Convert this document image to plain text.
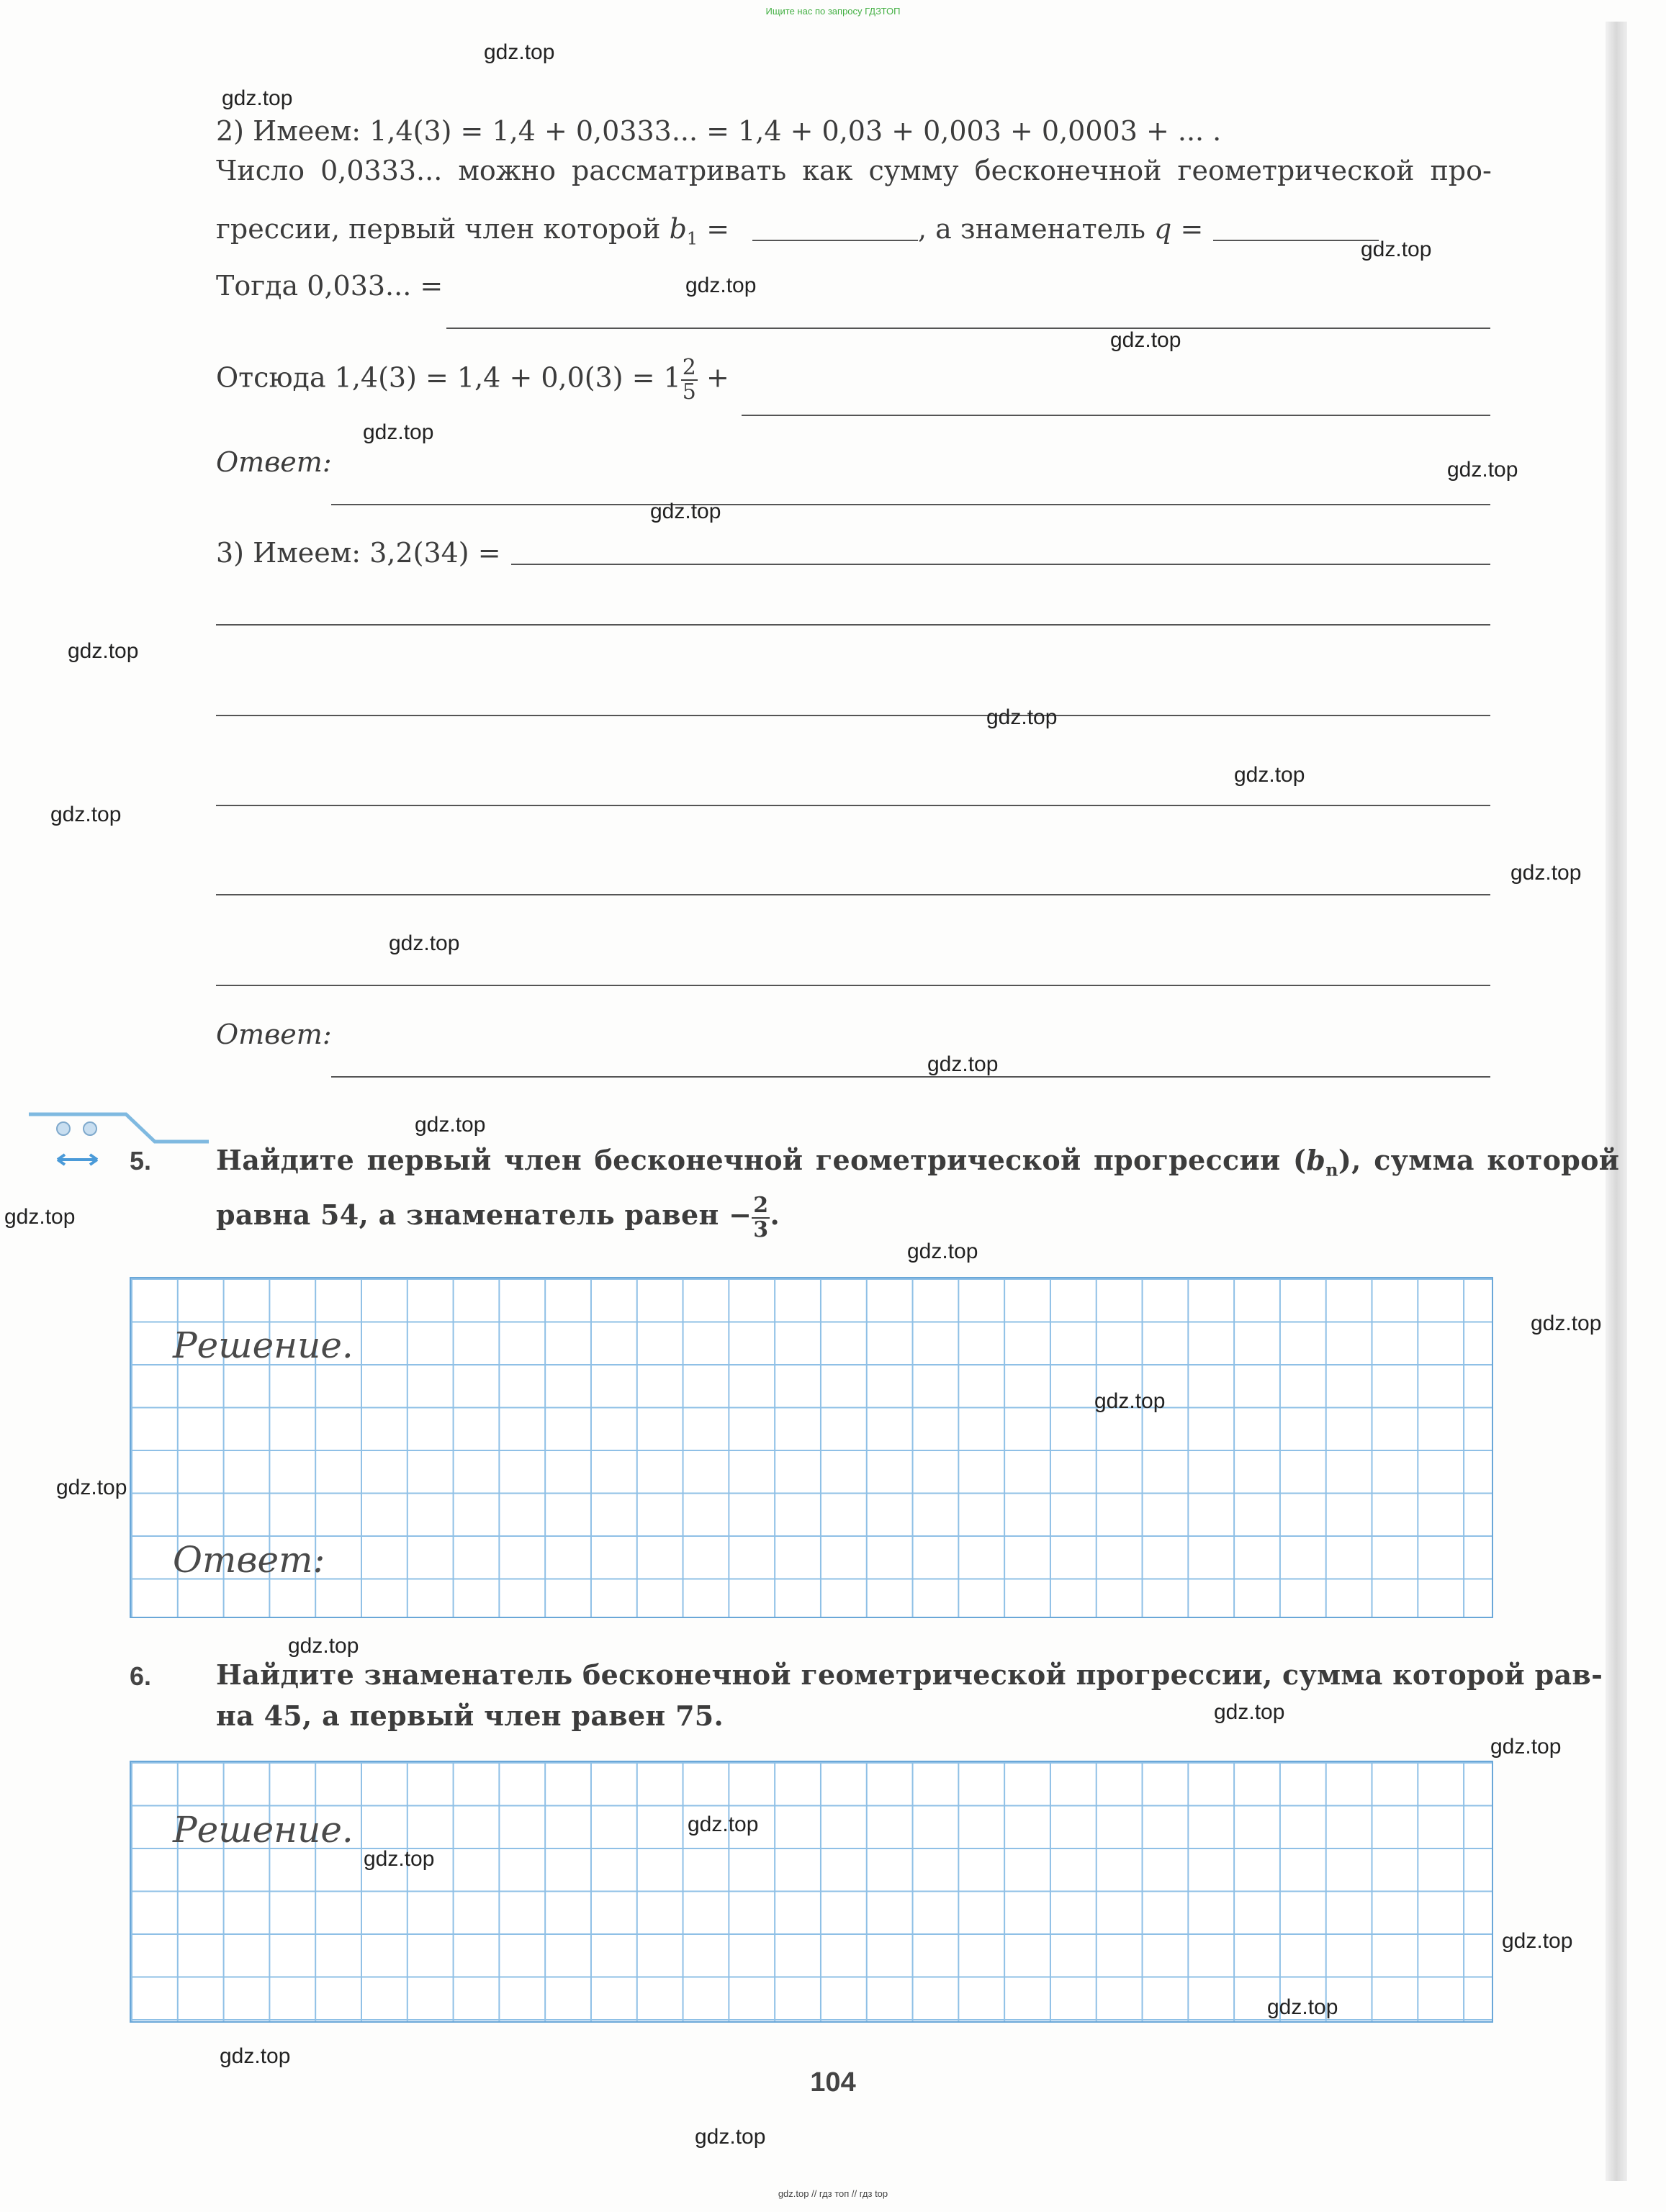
Ищите нас по запросу ГДЗТОП
2) Имеем: 1,4(3) = 1,4 + 0,0333... = 1,4 + 0,03 + 0,003 + 0,0003 + ... .
Число 0,0333... можно рассматривать как сумму бесконечной геометрической про-
грессии, первый член которой $b_1$ =	, а знаменатель q =
Тогда 0,033... =
Отсюда $1,4(3) = 1,4 + 0,0(3) = 1 \frac{2}{5}$ +
Ответ:
3) Имеем: 3,2(34) =
Ответ:
5. Найдите первый член бесконечной геометрической прогрессии $(b_n)$, сумма которой
равна 54, а знаменатель равен − $\frac{2}{3}$ .
Решение.
Ответ:
6. Найдите знаменатель бесконечной геометрической прогрессии, сумма которой рав-
на 45, а первый член равен 75.
Решение.
104
gdz.top // гдз топ // гдз top
gdz.top
gdz.top
gdz.top
gdz.top
gdz.top
gdz.top
gdz.top
gdz.top
gdz.top
gdz.top
gdz.top
gdz.top
gdz.top
gdz.top
gdz.top
gdz.top
gdz.top
gdz.top
gdz.top
gdz.top
gdz.top
gdz.top
gdz.top
gdz.top
gdz.top
gdz.top
gdz.top
gdz.top
gdz.top
gdz.top
